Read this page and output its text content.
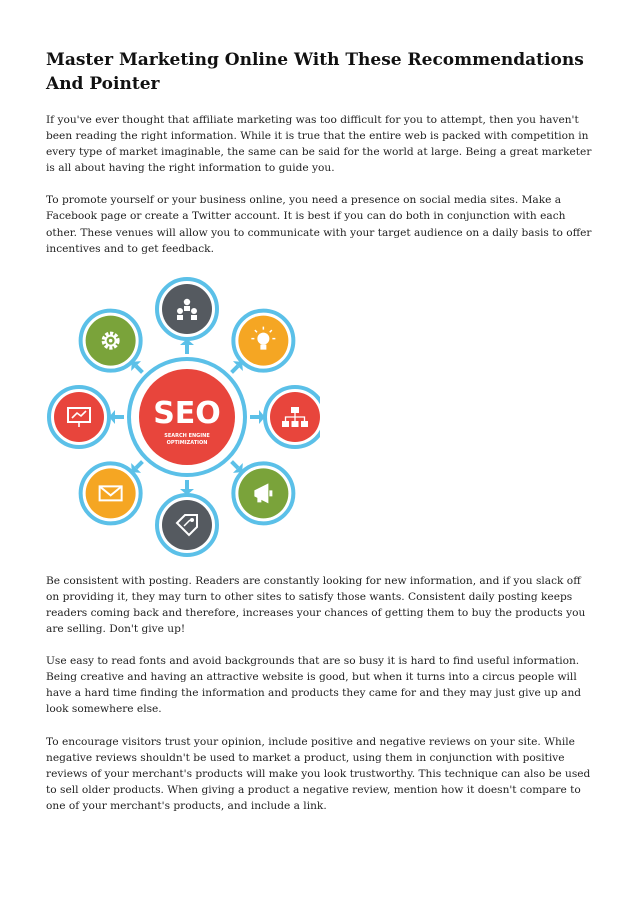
Master Marketing Online With These Recommendations And Pointer

If you've ever thought that affiliate marketing was too difficult for you to attempt, then you haven't been reading the right information. While it is true that the entire web is packed with competition in every type of market imaginable, the same can be said for the world at large. Being a great marketer is all about having the right information to guide you.

To promote yourself or your business online, you need a presence on social media sites. Make a Facebook page or create a Twitter account. It is best if you can do both in conjunction with each other. These venues will allow you to communicate with your target audience on a daily basis to offer incentives and to get feedback.

SEO
SEARCH ENGINE
OPTIMIZATION

Be consistent with posting. Readers are constantly looking for new information, and if you slack off on providing it, they may turn to other sites to satisfy those wants. Consistent daily posting keeps readers coming back and therefore, increases your chances of getting them to buy the products you are selling. Don't give up!

Use easy to read fonts and avoid backgrounds that are so busy it is hard to find useful information. Being creative and having an attractive website is good, but when it turns into a circus people will have a hard time finding the information and products they came for and they may just give up and look somewhere else.

To encourage visitors trust your opinion, include positive and negative reviews on your site. While negative reviews shouldn't be used to market a product, using them in conjunction with positive reviews of your merchant's products will make you look trustworthy. This technique can also be used to sell older products. When giving a product a negative review, mention how it doesn't compare to one of your merchant's products, and include a link.
